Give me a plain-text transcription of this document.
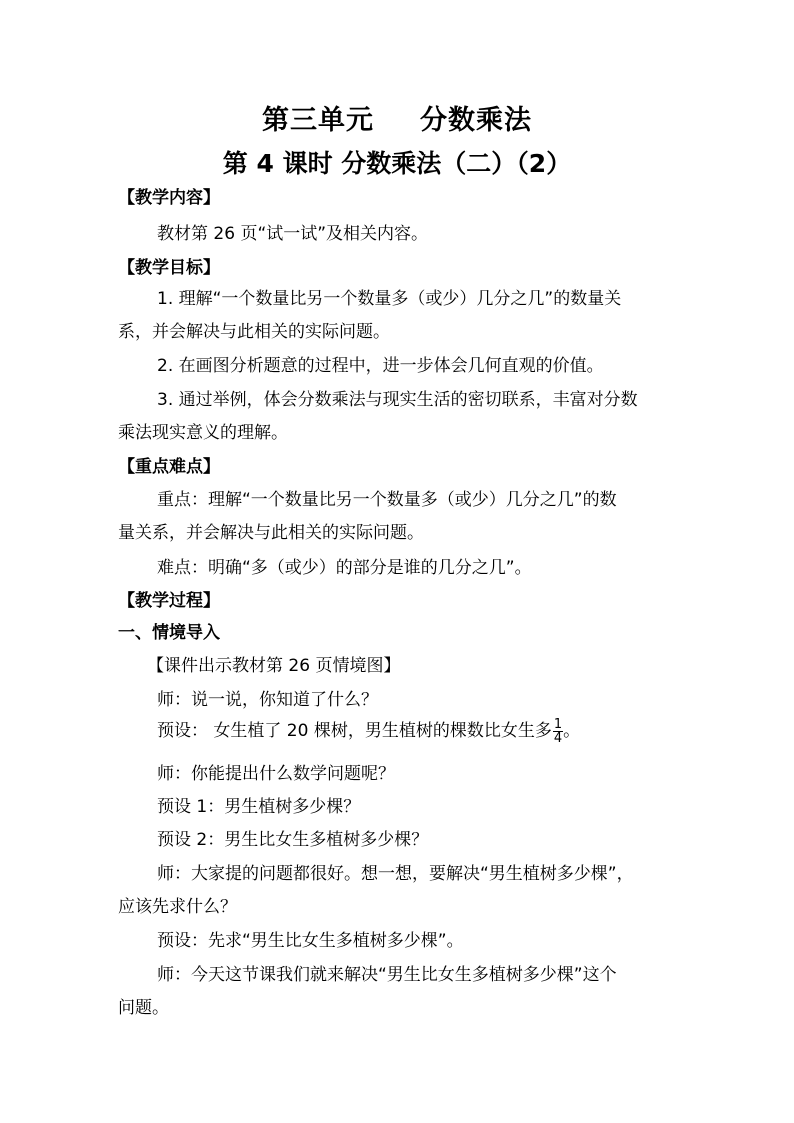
第三单元 分数乘法
第 4 课时 分数乘法（二）（2）
【教学内容】
教材第 26 页“试一试”及相关内容。
【教学目标】
1. 理解“一个数量比另一个数量多（或少）几分之几”的数量关
系，并会解决与此相关的实际问题。
2. 在画图分析题意的过程中，进一步体会几何直观的价值。
3. 通过举例，体会分数乘法与现实生活的密切联系，丰富对分数
乘法现实意义的理解。
【重点难点】
重点：理解“一个数量比另一个数量多（或少）几分之几”的数
量关系，并会解决与此相关的实际问题。
难点：明确“多（或少）的部分是谁的几分之几”。
【教学过程】
一、情境导入
【课件出示教材第 26 页情境图】
师：说一说，你知道了什么？
预设： 女生植了 20 棵树，男生植树的棵数比女生多 $\frac{1}{4}$ 。
师：你能提出什么数学问题呢？
预设 1：男生植树多少棵？
预设 2：男生比女生多植树多少棵？
师：大家提的问题都很好。想一想，要解决“男生植树多少棵”，
应该先求什么？
预设：先求“男生比女生多植树多少棵”。
师：今天这节课我们就来解决“男生比女生多植树多少棵”这个
问题。
